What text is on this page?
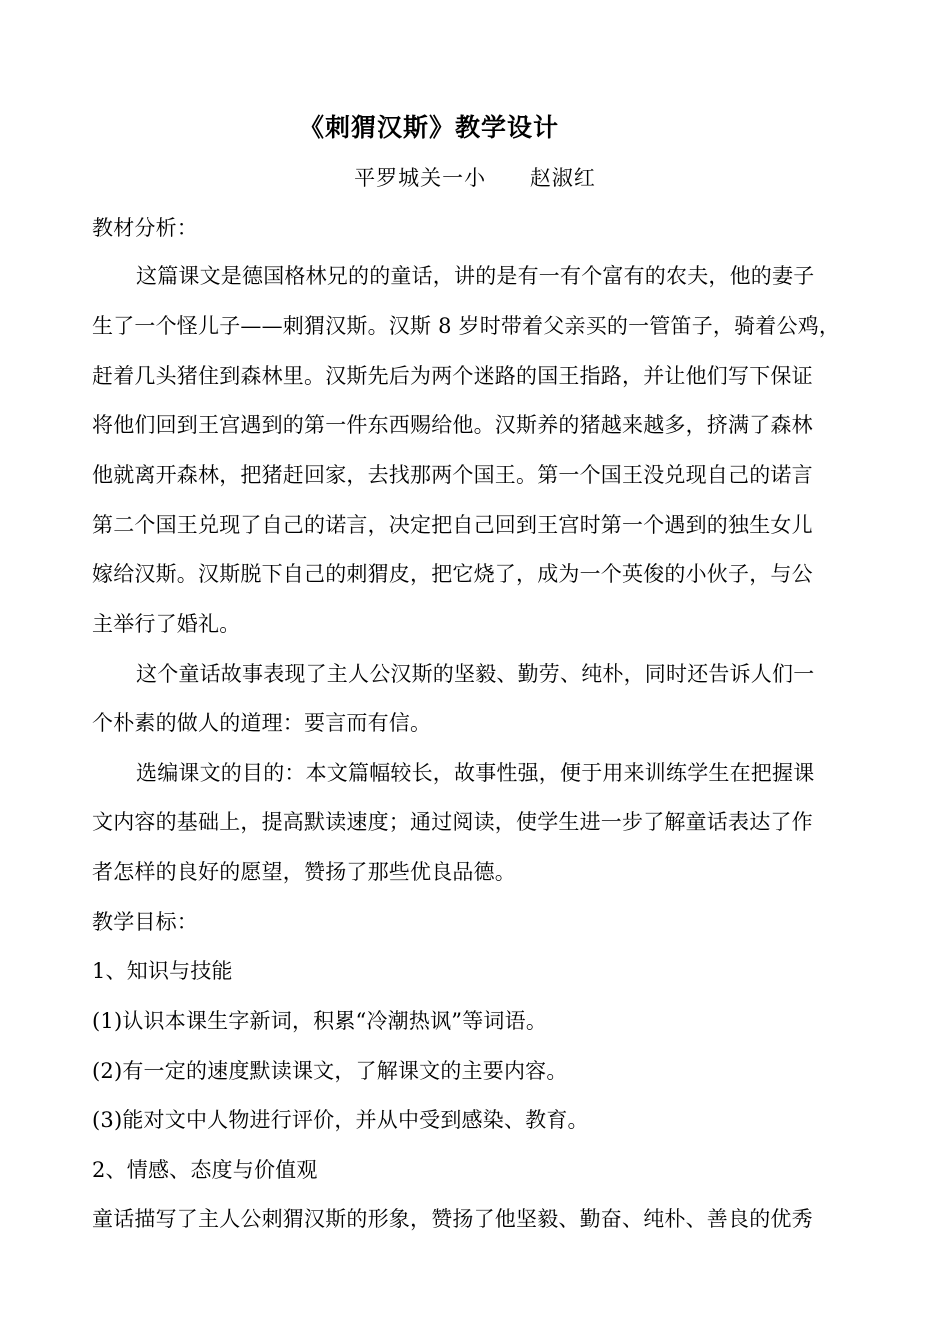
《刺猬汉斯》教学设计
平罗城关一小 赵淑红
教材分析：
这篇课文是德国格林兄的的童话，讲的是有一有个富有的农夫，他的妻子
生了一个怪儿子——刺猬汉斯。汉斯 8 岁时带着父亲买的一管笛子，骑着公鸡，
赶着几头猪住到森林里。汉斯先后为两个迷路的国王指路，并让他们写下保证
将他们回到王宫遇到的第一件东西赐给他。汉斯养的猪越来越多，挤满了森林
他就离开森林，把猪赶回家，去找那两个国王。第一个国王没兑现自己的诺言
第二个国王兑现了自己的诺言，决定把自己回到王宫时第一个遇到的独生女儿
嫁给汉斯。汉斯脱下自己的刺猬皮，把它烧了，成为一个英俊的小伙子，与公
主举行了婚礼。
这个童话故事表现了主人公汉斯的坚毅、勤劳、纯朴，同时还告诉人们一
个朴素的做人的道理：要言而有信。
选编课文的目的：本文篇幅较长，故事性强，便于用来训练学生在把握课
文内容的基础上，提高默读速度；通过阅读，使学生进一步了解童话表达了作
者怎样的良好的愿望，赞扬了那些优良品德。
教学目标：
1、知识与技能
(1)认识本课生字新词，积累“冷潮热讽”等词语。
(2)有一定的速度默读课文，了解课文的主要内容。
(3)能对文中人物进行评价，并从中受到感染、教育。
2、情感、态度与价值观
童话描写了主人公刺猬汉斯的形象，赞扬了他坚毅、勤奋、纯朴、善良的优秀
